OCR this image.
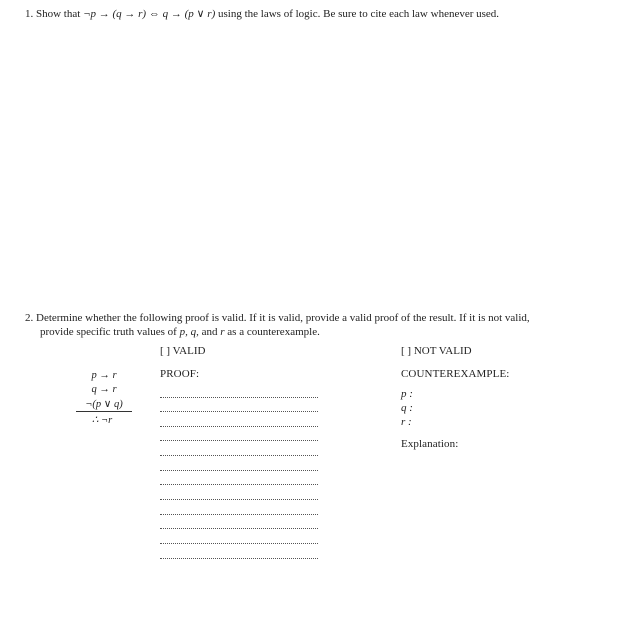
1. Show that ¬p → (q → r) ⇔ q → (p ∨ r) using the laws of logic. Be sure to cite each law whenever used.
2. Determine whether the following proof is valid. If it is valid, provide a valid proof of the result. If it is not valid,
provide specific truth values of p, q, and r as a counterexample.
[ ] VALID	[ ] NOT VALID
p → r
q → r
¬(p ∨ q)
∴ ¬r
PROOF:	COUNTEREXAMPLE:
p :
q :
r :
Explanation:
